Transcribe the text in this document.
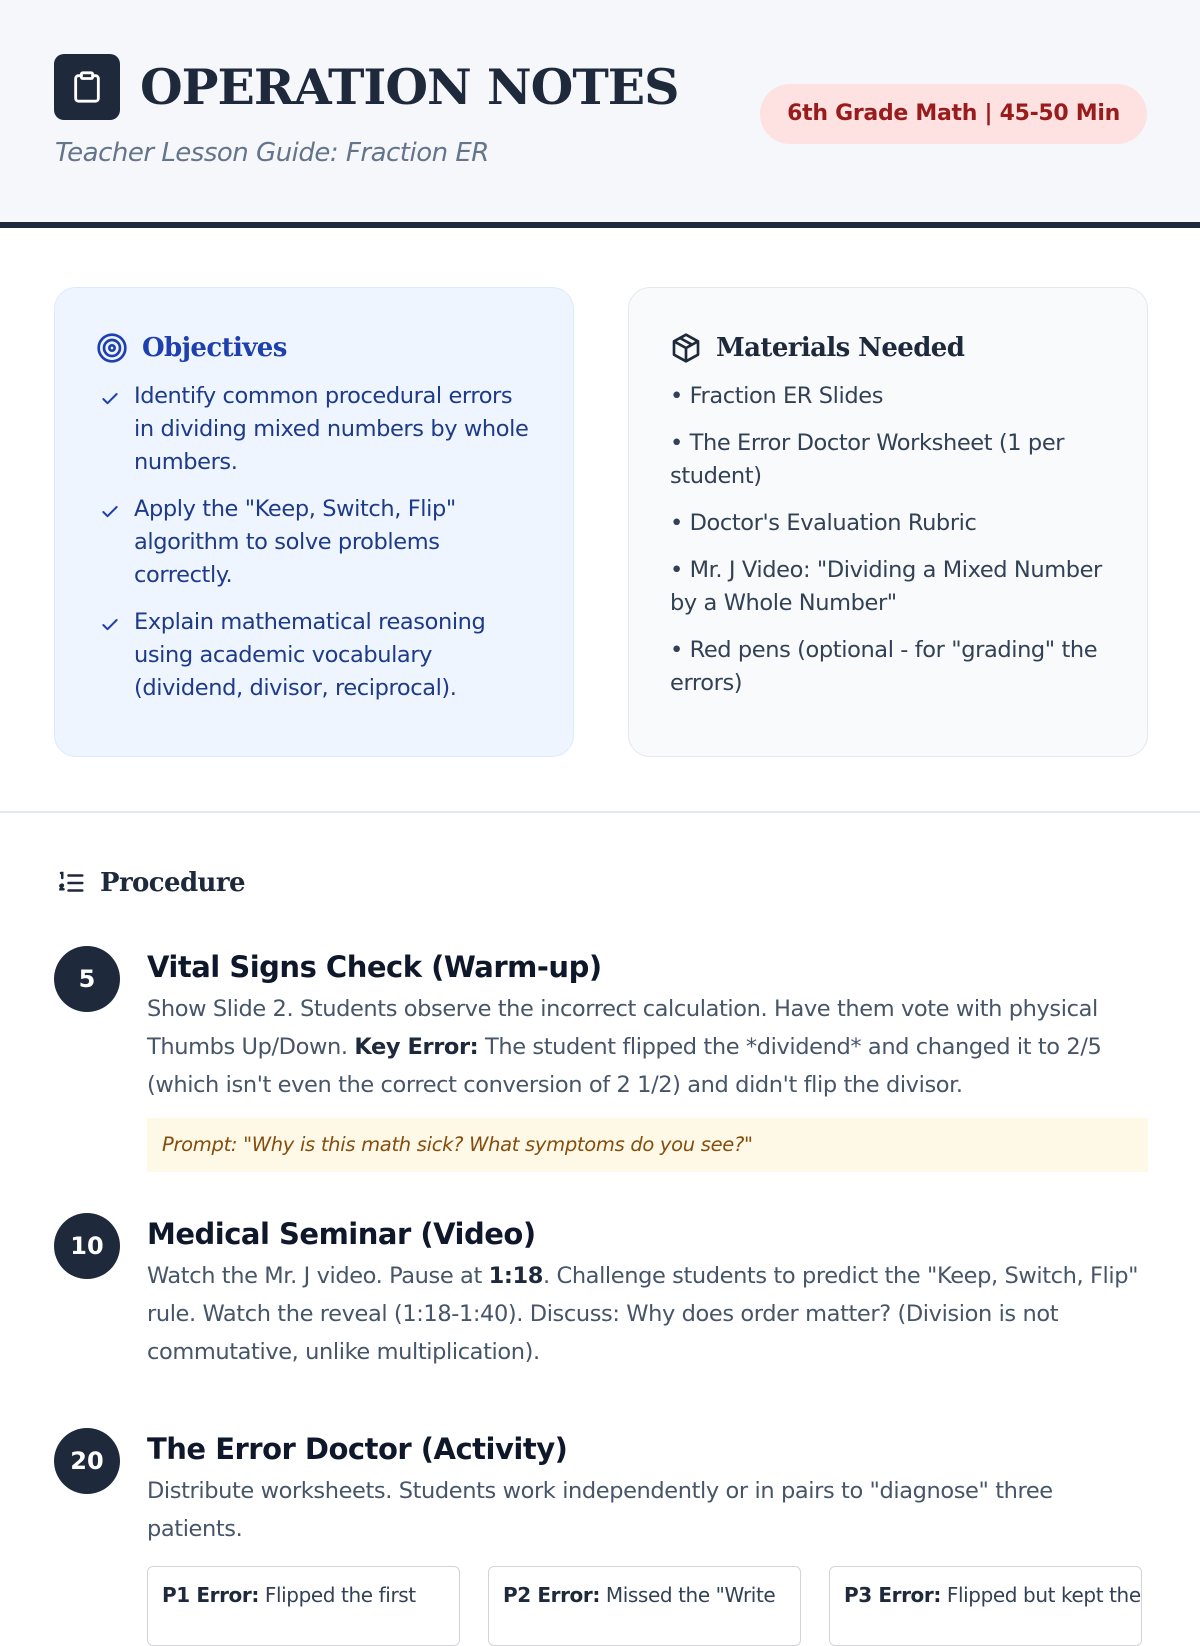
OPERATION NOTES
Teacher Lesson Guide: Fraction ER
6th Grade Math | 45-50 Min
Objectives
Identify common procedural errors in dividing mixed numbers by whole numbers.
Apply the "Keep, Switch, Flip" algorithm to solve problems correctly.
Explain mathematical reasoning using academic vocabulary (dividend, divisor, reciprocal).
Materials Needed
• Fraction ER Slides
• The Error Doctor Worksheet (1 per student)
• Doctor's Evaluation Rubric
• Mr. J Video: "Dividing a Mixed Number by a Whole Number"
• Red pens (optional - for "grading" the errors)
Procedure
5	Vital Signs Check (Warm-up)
Show Slide 2. Students observe the incorrect calculation. Have them vote with physical Thumbs Up/Down. Key Error: The student flipped the *dividend* and changed it to 2/5 (which isn't even the correct conversion of 2 1/2) and didn't flip the divisor.
Prompt: "Why is this math sick? What symptoms do you see?"
10	Medical Seminar (Video)
Watch the Mr. J video. Pause at 1:18. Challenge students to predict the "Keep, Switch, Flip" rule. Watch the reveal (1:18-1:40). Discuss: Why does order matter? (Division is not commutative, unlike multiplication).
20	The Error Doctor (Activity)
Distribute worksheets. Students work independently or in pairs to "diagnose" three patients.
P1 Error: Flipped the first	P2 Error: Missed the "Write	P3 Error: Flipped but kept the
